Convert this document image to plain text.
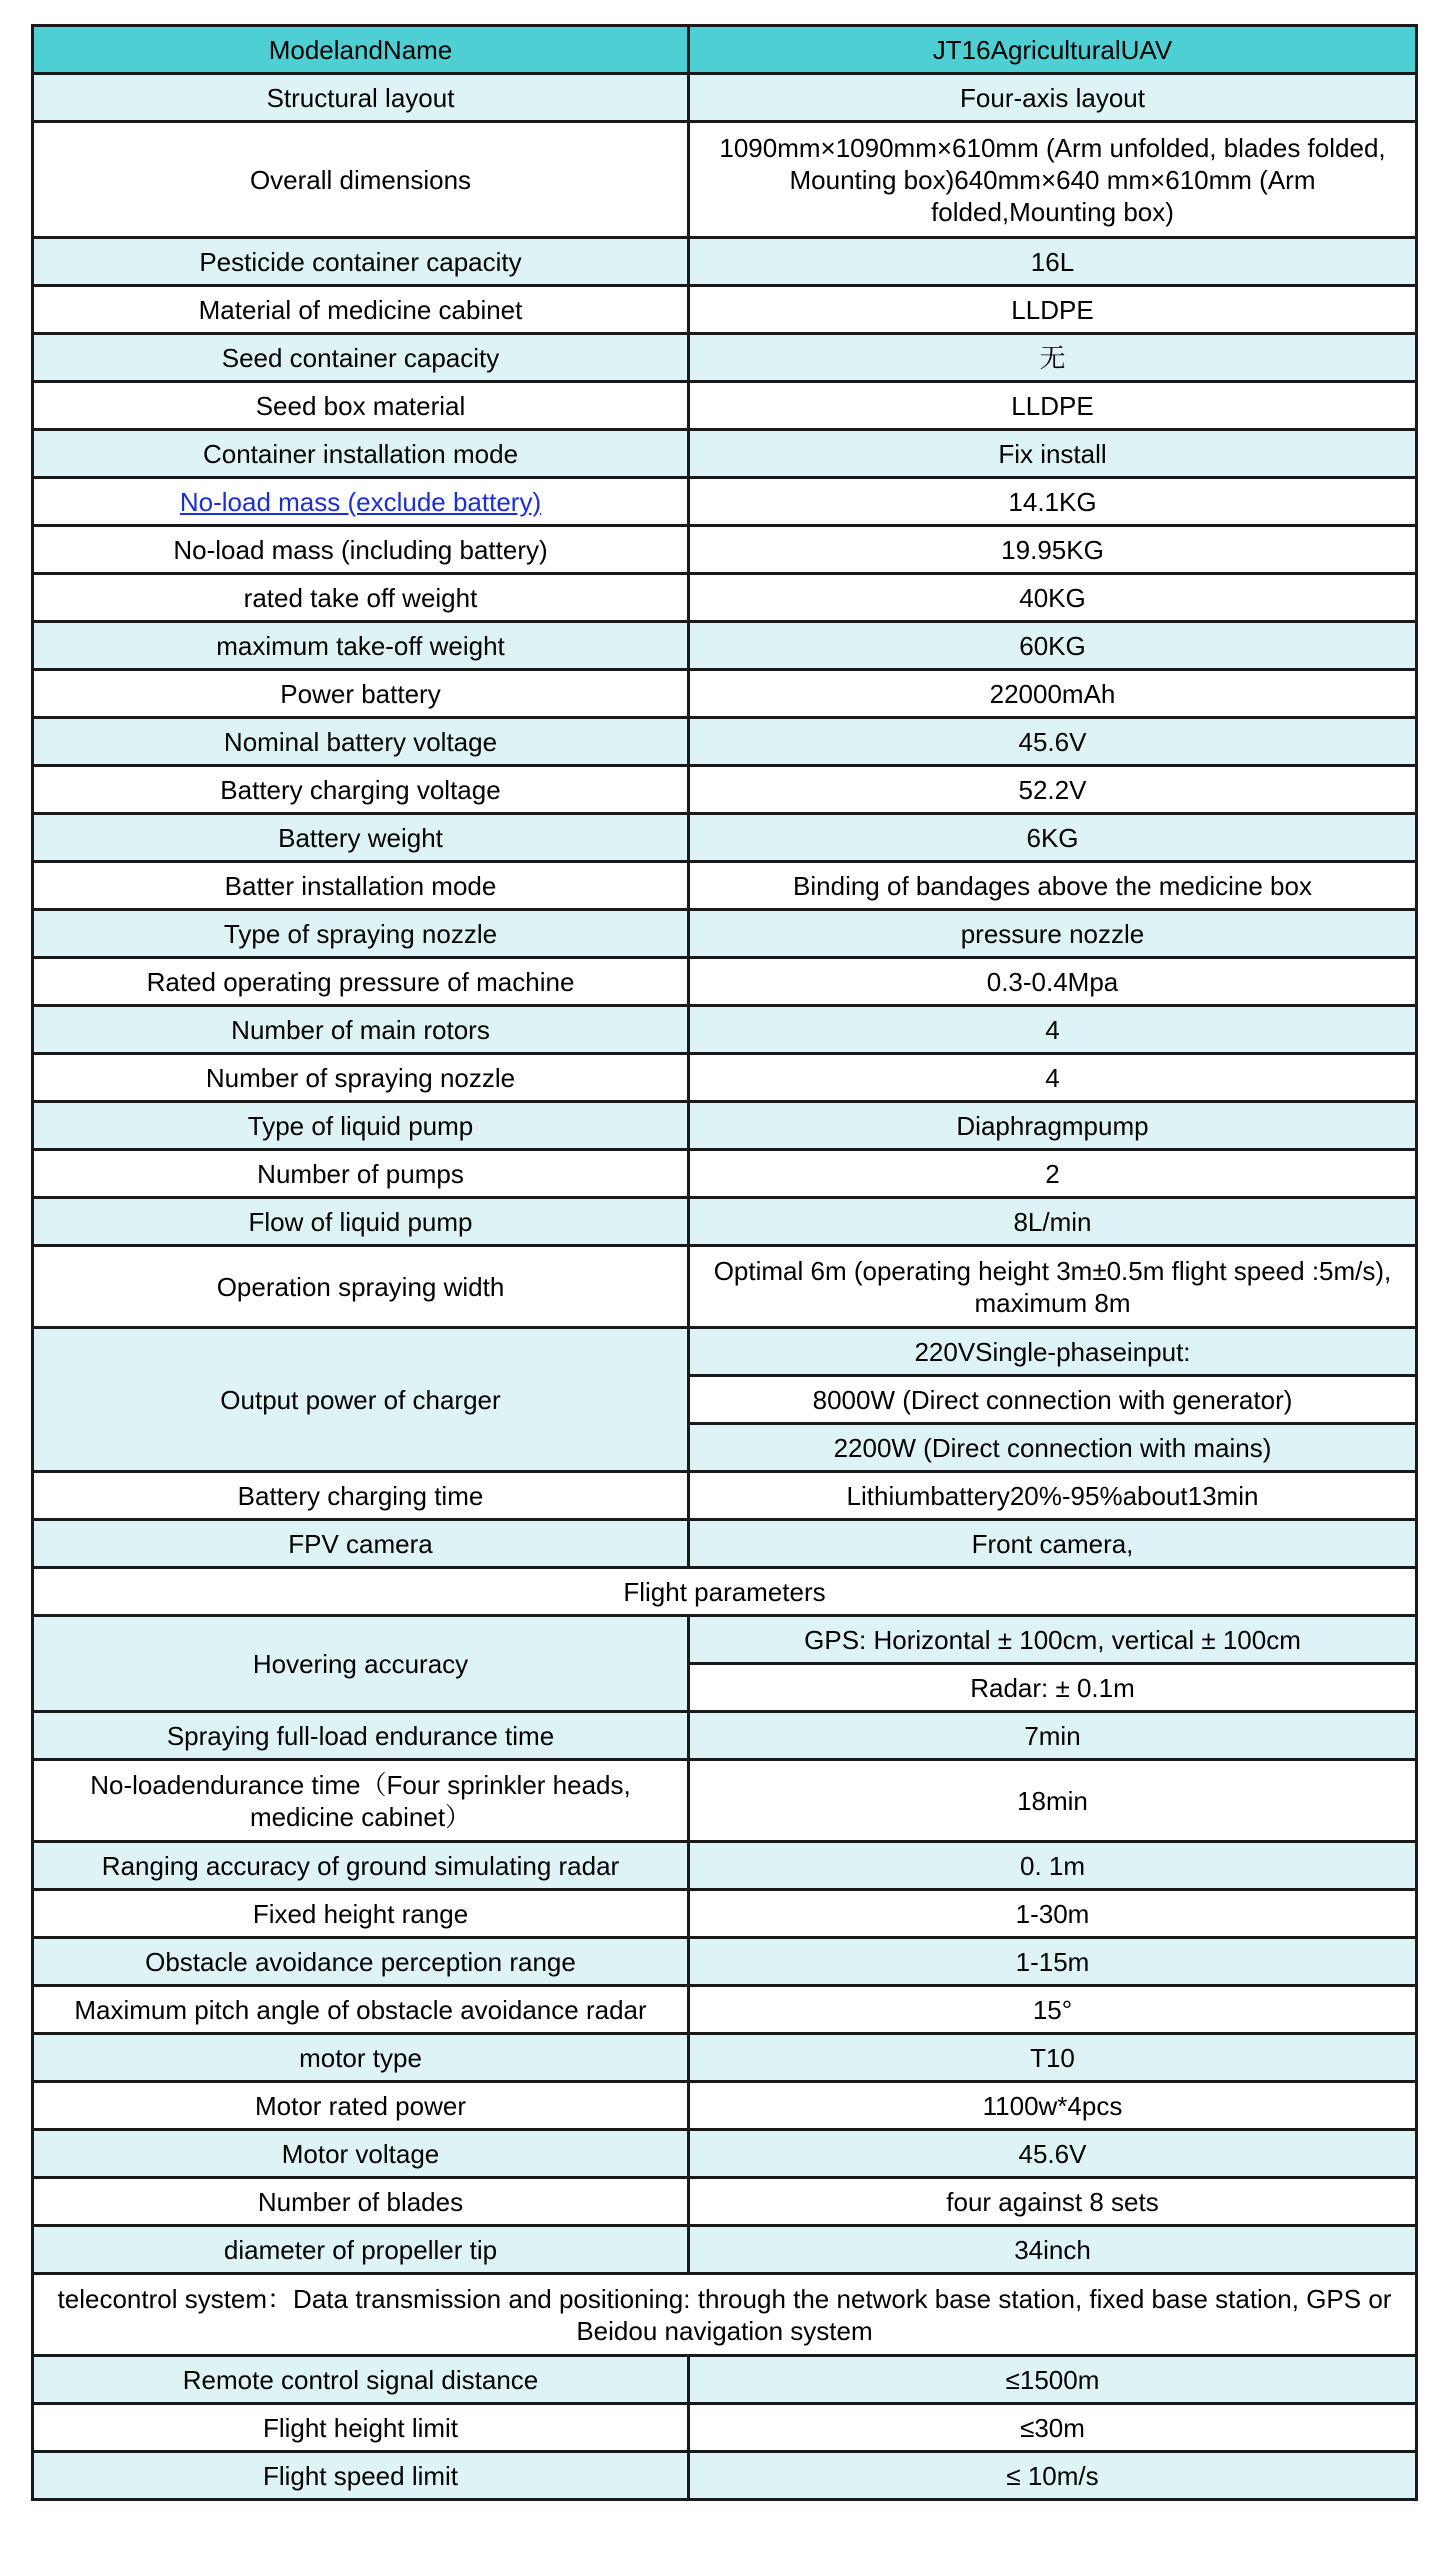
ModelandName	JT16AgriculturalUAV
Structural layout	Four-axis layout
Overall dimensions	1090mm×1090mm×610mm (Arm unfolded, blades folded, Mounting box)640mm×640 mm×610mm (Arm folded,Mounting box)
Pesticide container capacity	16L
Material of medicine cabinet	LLDPE
Seed container capacity	无
Seed box material	LLDPE
Container installation mode	Fix install
No-load mass (exclude battery)	14.1KG
No-load mass (including battery)	19.95KG
rated take off weight	40KG
maximum take-off weight	60KG
Power battery	22000mAh
Nominal battery voltage	45.6V
Battery charging voltage	52.2V
Battery weight	6KG
Batter installation mode	Binding of bandages above the medicine box
Type of spraying nozzle	pressure nozzle
Rated operating pressure of machine	0.3-0.4Mpa
Number of main rotors	4
Number of spraying nozzle	4
Type of liquid pump	Diaphragmpump
Number of pumps	2
Flow of liquid pump	8L/min
Operation spraying width	Optimal 6m (operating height 3m±0.5m flight speed :5m/s), maximum 8m
Output power of charger	220VSingle-phaseinput:
	8000W (Direct connection with generator)
	2200W (Direct connection with mains)
Battery charging time	Lithiumbattery20%-95%about13min
FPV camera	Front camera,
Flight parameters	
Hovering accuracy	GPS: Horizontal ± 100cm, vertical ± 100cm
	Radar: ± 0.1m
Spraying full-load endurance time	7min
No-loadendurance time（Four sprinkler heads, medicine cabinet）	18min
Ranging accuracy of ground simulating radar	0. 1m
Fixed height range	1-30m
Obstacle avoidance perception range	1-15m
Maximum pitch angle of obstacle avoidance radar	15°
motor type	T10
Motor rated power	1100w*4pcs
Motor voltage	45.6V
Number of blades	four against 8 sets
diameter of propeller tip	34inch
telecontrol system：Data transmission and positioning: through the network base station, fixed base station, GPS or Beidou navigation system	
Remote control signal distance	≤1500m
Flight height limit	≤30m
Flight speed limit	≤ 10m/s
